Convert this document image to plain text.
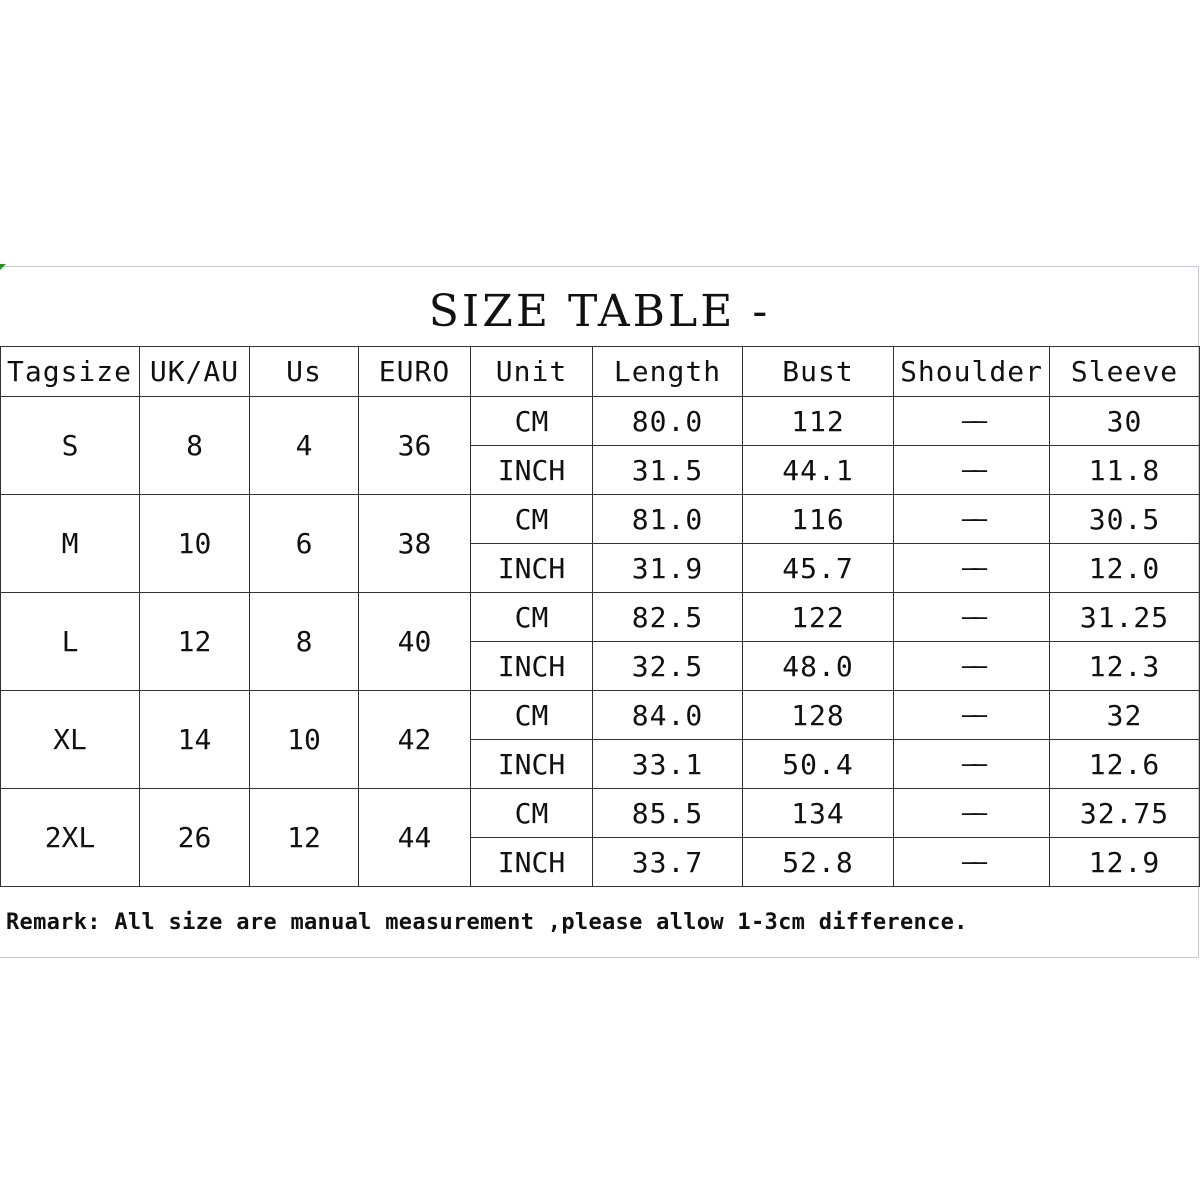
SIZE TABLE -
Tagsize	UK/AU	Us	EURO	Unit	Length	Bust	Shoulder	Sleeve
S	8	4	36	CM	80.0	112	——	30
				INCH	31.5	44.1	——	11.8
M	10	6	38	CM	81.0	116	——	30.5
				INCH	31.9	45.7	——	12.0
L	12	8	40	CM	82.5	122	——	31.25
				INCH	32.5	48.0	——	12.3
XL	14	10	42	CM	84.0	128	——	32
				INCH	33.1	50.4	——	12.6
2XL	26	12	44	CM	85.5	134	——	32.75
				INCH	33.7	52.8	——	12.9
Remark: All size are manual measurement ,please allow 1-3cm difference.
